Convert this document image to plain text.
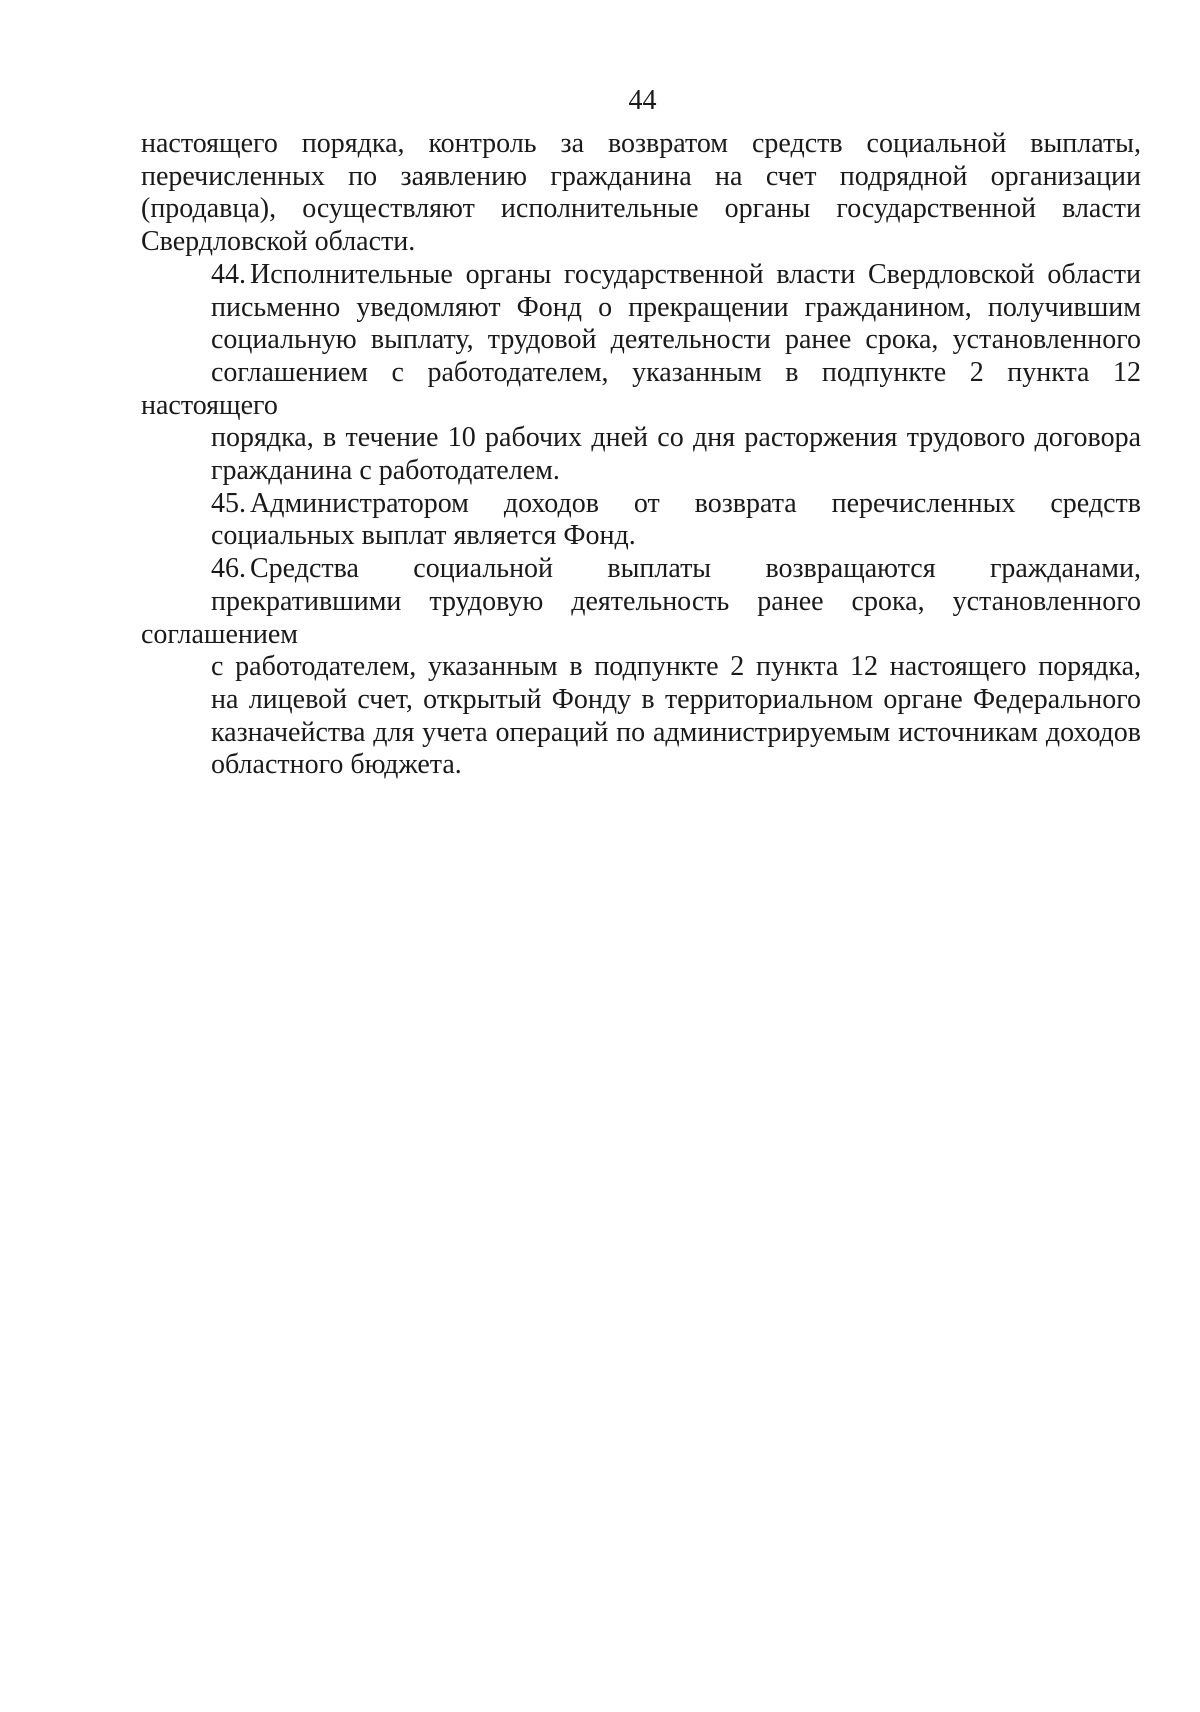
44

настоящего порядка, контроль за возвратом средств социальной выплаты,
перечисленных по заявлению гражданина на счет подрядной организации
(продавца), осуществляют исполнительные органы государственной власти
Свердловской области.

44. Исполнительные органы государственной власти Свердловской области
письменно уведомляют Фонд о прекращении гражданином, получившим
социальную выплату, трудовой деятельности ранее срока, установленного
соглашением с работодателем, указанным в подпункте 2 пункта 12 настоящего
порядка, в течение 10 рабочих дней со дня расторжения трудового договора
гражданина с работодателем.

45. Администратором доходов от возврата перечисленных средств
социальных выплат является Фонд.

46. Средства социальной выплаты возвращаются гражданами,
прекратившими трудовую деятельность ранее срока, установленного соглашением
с работодателем, указанным в подпункте 2 пункта 12 настоящего порядка,
на лицевой счет, открытый Фонду в территориальном органе Федерального
казначейства для учета операций по администрируемым источникам доходов
областного бюджета.
